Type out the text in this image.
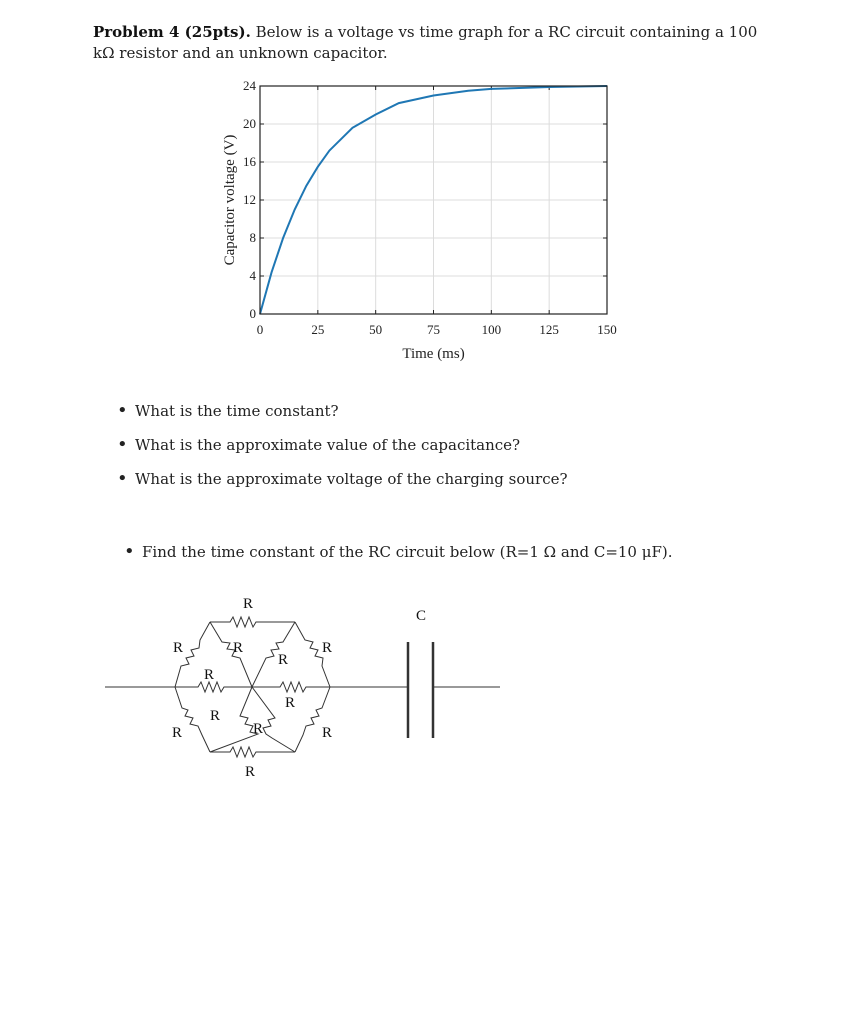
Problem 4 (25pts). Below is a voltage vs time graph for a RC circuit containing a 100 kΩ resistor and an unknown capacitor.
0	25	50	75	100	125	150
0
4
8
12
16
20
24
Time (ms)
Capacitor voltage (V)
• What is the time constant?
• What is the approximate value of the capacitance?
• What is the approximate voltage of the charging source?
• Find the time constant of the RC circuit below (R=1 Ω and C=10 μF).
R
R	R
R
R
R
R
R
R	R	R
R
C
